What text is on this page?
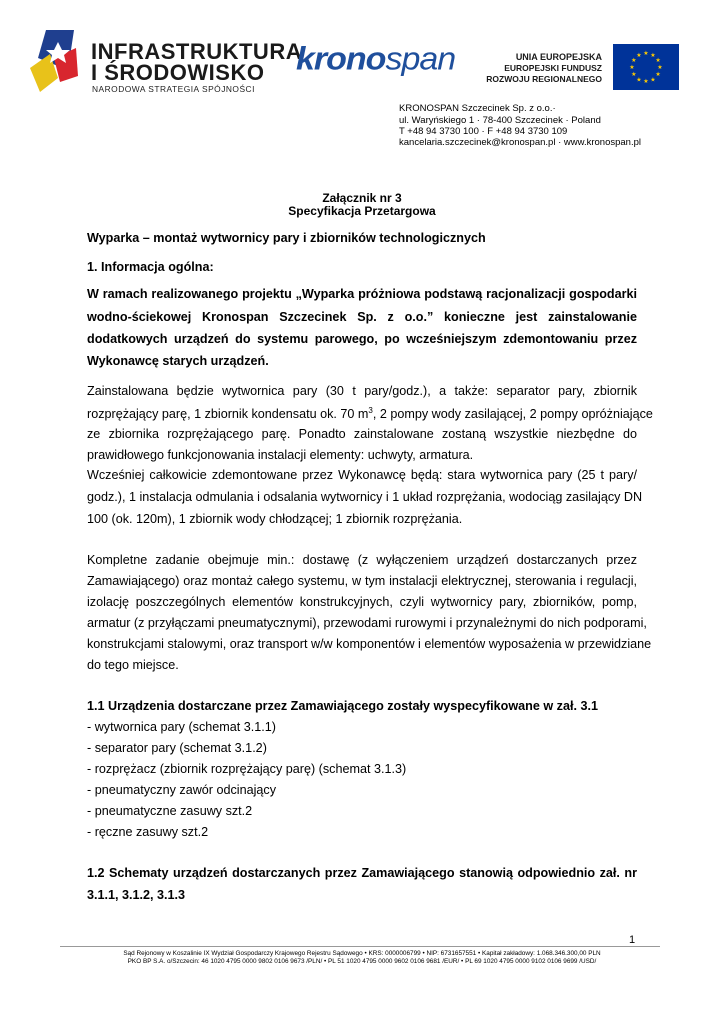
INFRASTRUKTURA
I ŚRODOWISKO
NARODOWA STRATEGIA SPÓJNOŚCI
kronospan	UNIA EUROPEJSKA
EUROPEJSKI FUNDUSZ
ROZWOJU REGIONALNEGO
★ ★
★
★
★
★
★
★
★
★
★
★
KRONOSPAN Szczecinek Sp. z o.o.·
ul. Waryńskiego 1 · 78-400 Szczecinek · Poland
T +48 94 3730 100 · F +48 94 3730 109
kancelaria.szczecinek@kronospan.pl · www.kronospan.pl
Załącznik nr 3
Specyfikacja Przetargowa
Wyparka – montaż wytwornicy pary i zbiorników technologicznych
1. Informacja ogólna:
W ramach realizowanego projektu „Wyparka próżniowa podstawą racjonalizacji gospodarki
wodno-ściekowej Kronospan Szczecinek Sp. z o.o.” konieczne jest zainstalowanie
dodatkowych urządzeń do systemu parowego, po wcześniejszym zdemontowaniu przez
Wykonawcę starych urządzeń.
Zainstalowana będzie wytwornica pary (30 t pary/godz.), a także: separator pary, zbiornik
rozprężający parę, 1 zbiornik kondensatu ok. 70 $m^3$, 2 pompy wody zasilającej, 2 pompy opróżniające
ze zbiornika rozprężającego parę. Ponadto zainstalowane zostaną wszystkie niezbędne do
prawidłowego funkcjonowania instalacji elementy: uchwyty, armatura.
Wcześniej całkowicie zdemontowane przez Wykonawcę będą: stara wytwornica pary (25 t pary/
godz.), 1 instalacja odmulania i odsalania wytwornicy i 1 układ rozprężania, wodociąg zasilający DN
100 (ok. 120m), 1 zbiornik wody chłodzącej; 1 zbiornik rozprężania.
Kompletne zadanie obejmuje min.: dostawę (z wyłączeniem urządzeń dostarczanych przez
Zamawiającego) oraz montaż całego systemu, w tym instalacji elektrycznej, sterowania i regulacji,
izolację poszczególnych elementów konstrukcyjnych, czyli wytwornicy pary, zbiorników, pomp,
armatur (z przyłączami pneumatycznymi), przewodami rurowymi i przynależnymi do nich podporami,
konstrukcjami stalowymi, oraz transport w/w komponentów i elementów wyposażenia w przewidziane
do tego miejsce.
1.1 Urządzenia dostarczane przez Zamawiającego zostały wyspecyfikowane w zał. 3.1
- wytwornica pary (schemat 3.1.1)
- separator pary (schemat 3.1.2)
- rozprężacz (zbiornik rozprężający parę) (schemat 3.1.3)
- pneumatyczny zawór odcinający
- pneumatyczne zasuwy szt.2
- ręczne zasuwy szt.2
1.2 Schematy urządzeń dostarczanych przez Zamawiającego stanowią odpowiednio zał. nr
3.1.1, 3.1.2, 3.1.3
1
Sąd Rejonowy w Koszalinie IX Wydział Gospodarczy Krajowego Rejestru Sądowego • KRS: 0000006799 • NIP: 6731657551 • Kapitał zakładowy: 1.068.346.300,00 PLN
PKO BP S.A. o/Szczecin: 46 1020 4795 0000 9802 0106 9673 /PLN/ • PL 51 1020 4795 0000 9602 0106 9681 /EUR/ • PL 69 1020 4795 0000 9102 0106 9699 /USD/
